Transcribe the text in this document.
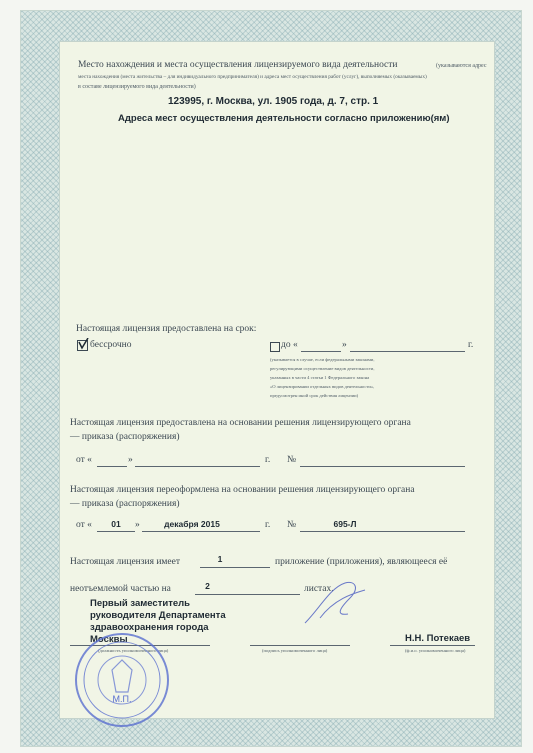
Место нахождения и места осуществления лицензируемого вида деятельности	(указываются адрес
места нахождения (места жительства – для индивидуального предпринимателя) и адреса мест осуществления работ (услуг), выполняемых (оказываемых)
в составе лицензируемого вида деятельности)
123995, г. Москва, ул. 1905 года, д. 7, стр. 1
Адреса мест осуществления деятельности согласно приложению(ям)
Настоящая лицензия предоставлена на срок:
бессрочно	до «	»	г.
(указывается в случае, если федеральными законами,
регулирующими осуществление видов деятельности,
указанных в части 4 статьи 1 Федерального закона
«О лицензировании отдельных видов деятельности»,
предусмотрен иной срок действия лицензии)
Настоящая лицензия предоставлена на основании решения лицензирующего органа
— приказа (распоряжения)
от «	»	г. №
Настоящая лицензия переоформлена на основании решения лицензирующего органа
— приказа (распоряжения)
от «	01	»	декабря 2015	г. №	695-Л
Настоящая лицензия имеет	1	приложение (приложения), являющееся её
неотъемлемой частью на	2	листах.
Первый заместитель
руководителя Департамента
здравоохранения города
Москвы
(должность уполномоченного лица)	(подпись уполномоченного лица)
Н.Н. Потекаев
(ф.и.о. уполномоченного лица)
М.П.
